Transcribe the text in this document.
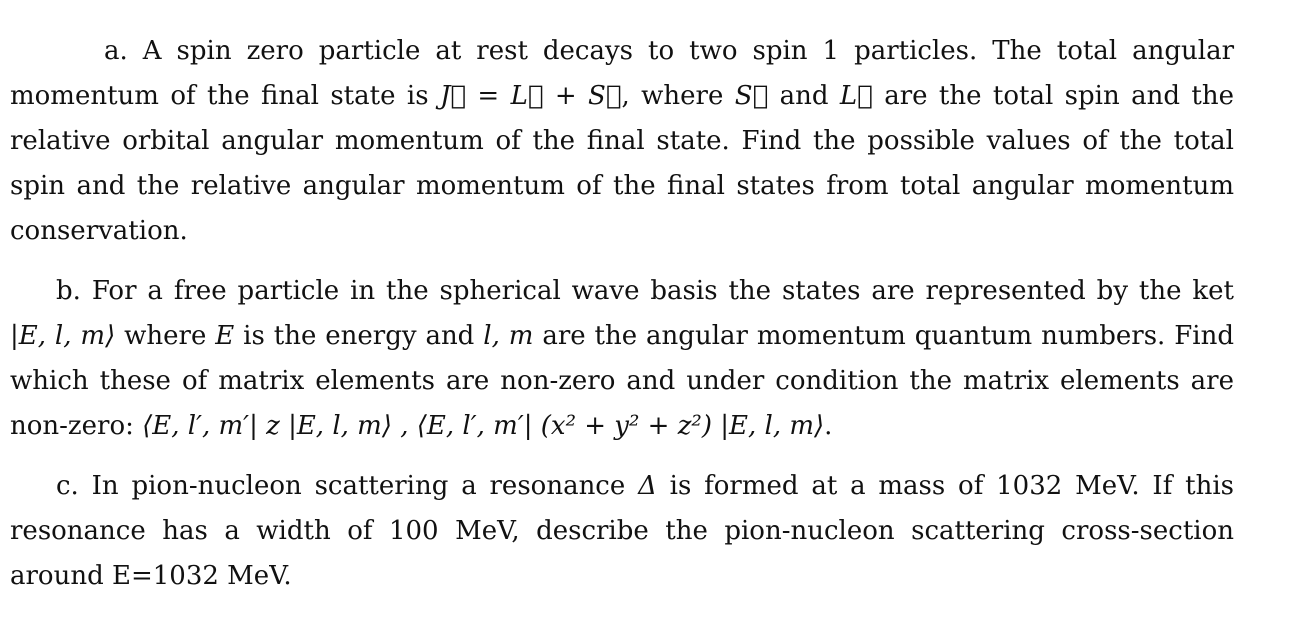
a. A spin zero particle at rest decays to two spin 1 particles. The total angular momentum of the final state is J⃗ = L⃗ + S⃗, where S⃗ and L⃗ are the total spin and the relative orbital angular momentum of the final state. Find the possible values of the total spin and the relative angular momentum of the final states from total angular momentum conservation.

b. For a free particle in the spherical wave basis the states are represented by the ket |E, l, m⟩ where E is the energy and l, m are the angular momentum quantum numbers. Find which these of matrix elements are non-zero and under condition the matrix elements are non-zero: ⟨E, l′, m′| z |E, l, m⟩ , ⟨E, l′, m′| (x² + y² + z²) |E, l, m⟩.

c. In pion-nucleon scattering a resonance Δ is formed at a mass of 1032 MeV. If this resonance has a width of 100 MeV, describe the pion-nucleon scattering cross-section around E=1032 MeV.
